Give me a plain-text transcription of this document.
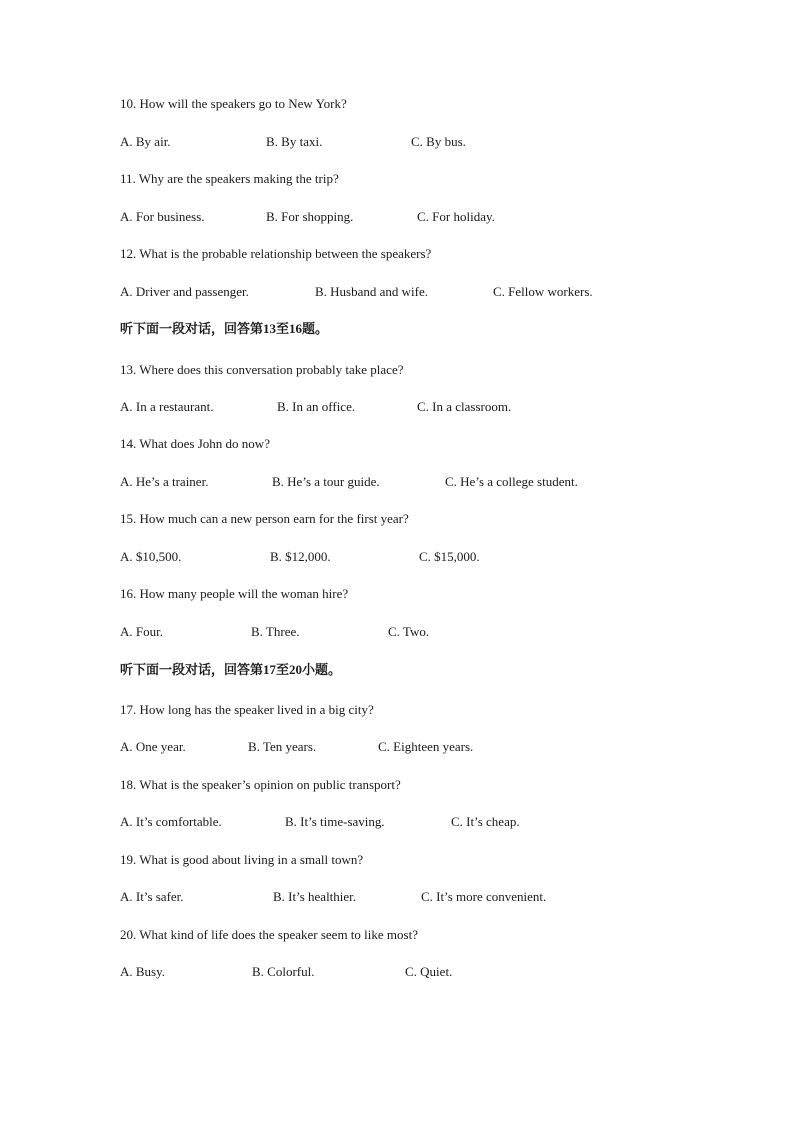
10. How will the speakers go to New York?
A. By air.	B. By taxi.	C. By bus.
11. Why are the speakers making the trip?
A. For business.	B. For shopping.	C. For holiday.
12. What is the probable relationship between the speakers?
A. Driver and passenger.	B. Husband and wife.	C. Fellow workers.
听下面一段对话，回答第13至16题。
13. Where does this conversation probably take place?
A. In a restaurant.	B. In an office.	C. In a classroom.
14. What does John do now?
A. He’s a trainer.	B. He’s a tour guide.	C. He’s a college student.
15. How much can a new person earn for the first year?
A. $10,500.	B. $12,000.	C. $15,000.
16. How many people will the woman hire?
A. Four.	B. Three.	C. Two.
听下面一段对话，回答第17至20小题。
17. How long has the speaker lived in a big city?
A. One year.	B. Ten years.	C. Eighteen years.
18. What is the speaker’s opinion on public transport?
A. It’s comfortable.	B. It’s time-saving.	C. It’s cheap.
19. What is good about living in a small town?
A. It’s safer.	B. It’s healthier.	C. It’s more convenient.
20. What kind of life does the speaker seem to like most?
A. Busy.	B. Colorful.	C. Quiet.
